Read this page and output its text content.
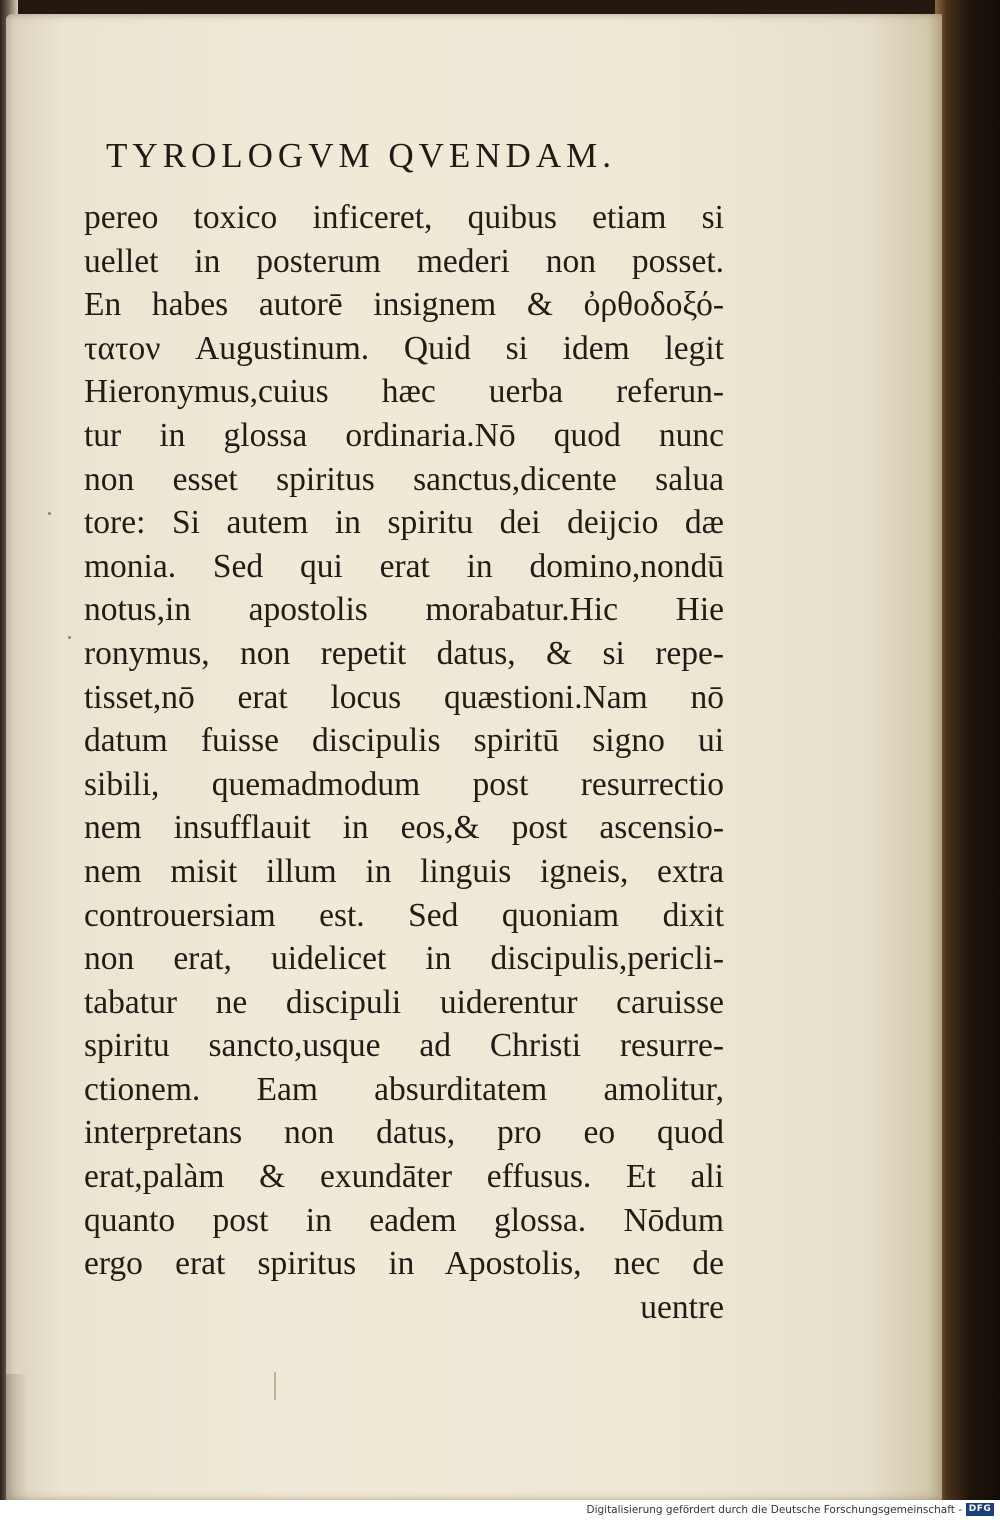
TYROLOGVM QVENDAM.
pereo toxico inficeret, quibus etiam si
uellet in posterum mederi non posset.
En habes autorē insignem & ὀρθοδοξό-
τατον Augustinum. Quid si idem legit
Hieronymus,cuius hæc uerba referun-
tur in glossa ordinaria.Nō quod nunc
non esset spiritus sanctus,dicente salua
tore: Si autem in spiritu dei deijcio dæ
monia. Sed qui erat in domino,nondū
notus,in apostolis morabatur.Hic Hie
ronymus, non repetit datus, & si repe-
tisset,nō erat locus quæstioni.Nam nō
datum fuisse discipulis spiritū signo ui
sibili, quemadmodum post resurrectio
nem insufflauit in eos,& post ascensio-
nem misit illum in linguis igneis, extra
controuersiam est. Sed quoniam dixit
non erat, uidelicet in discipulis,pericli-
tabatur ne discipuli uiderentur caruisse
spiritu sancto,usque ad Christi resurre-
ctionem. Eam absurditatem amolitur,
interpretans non datus, pro eo quod
erat,palàm & exundāter effusus. Et ali
quanto post in eadem glossa. Nōdum
ergo erat spiritus in Apostolis, nec de
uentre
Digitalisierung gefördert durch die Deutsche Forschungsgemeinschaft - DFG
